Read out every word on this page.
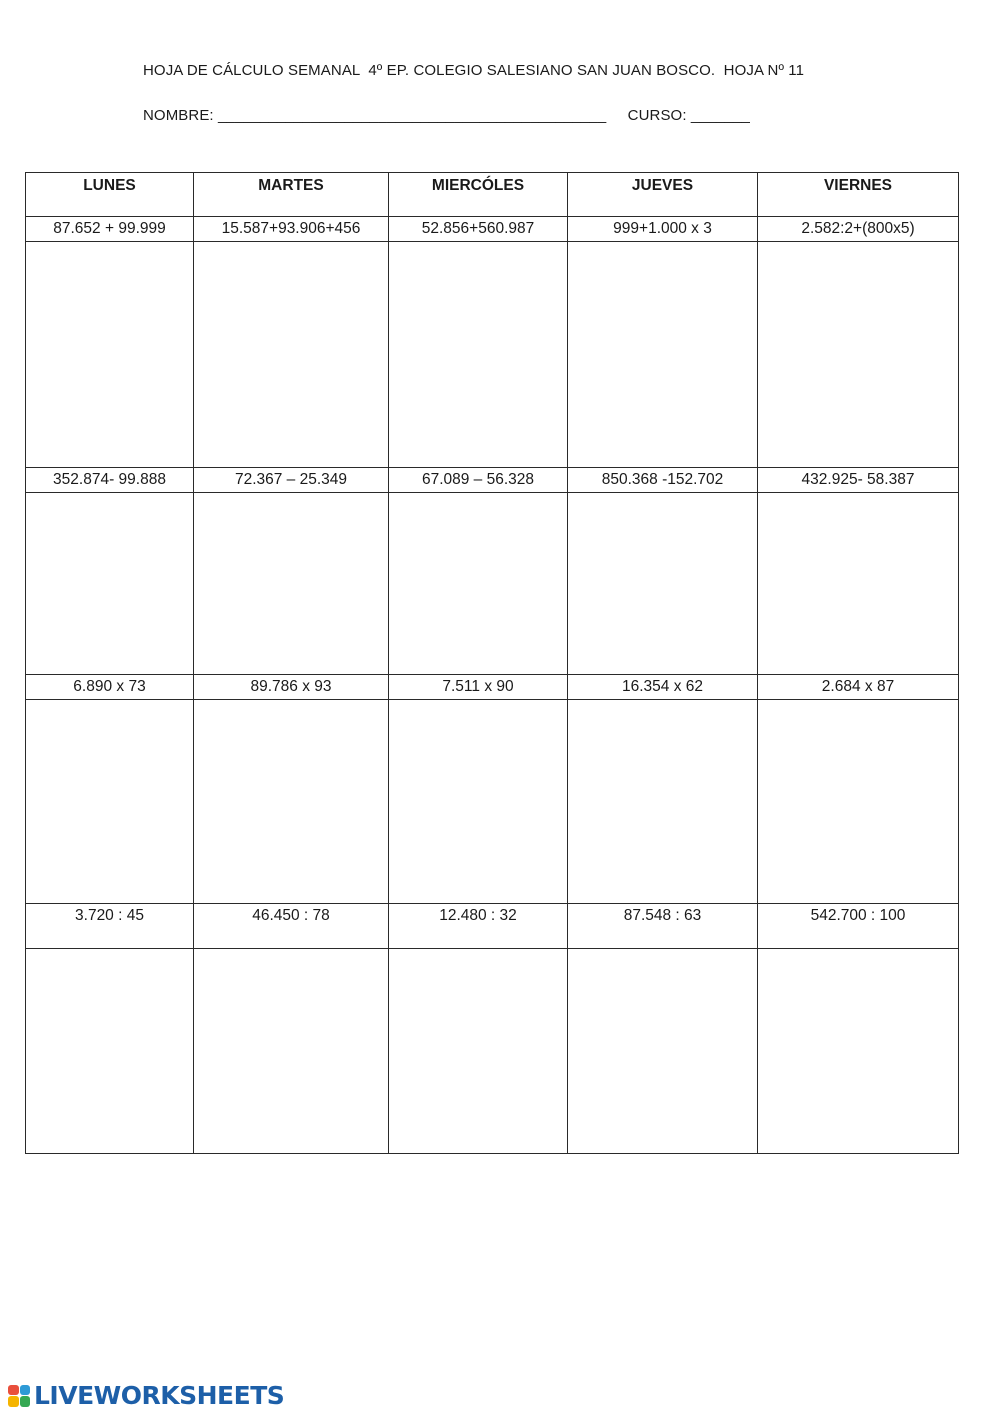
HOJA DE CÁLCULO SEMANAL  4º EP. COLEGIO SALESIANO SAN JUAN BOSCO.  HOJA Nº 11
NOMBRE: ______________________________________________     CURSO: _______
LUNES	MARTES	MIERCÓLES	JUEVES	VIERNES
87.652 + 99.999	15.587+93.906+456	52.856+560.987	999+1.000 x 3	2.582:2+(800x5)

352.874- 99.888	72.367 – 25.349	67.089 – 56.328	850.368 -152.702	432.925- 58.387

6.890 x 73	89.786 x 93	7.511 x 90	16.354 x 62	2.684 x 87

3.720 : 45	46.450 : 78	12.480 : 32	87.548 : 63	542.700 : 100

LIVEWORKSHEETS
